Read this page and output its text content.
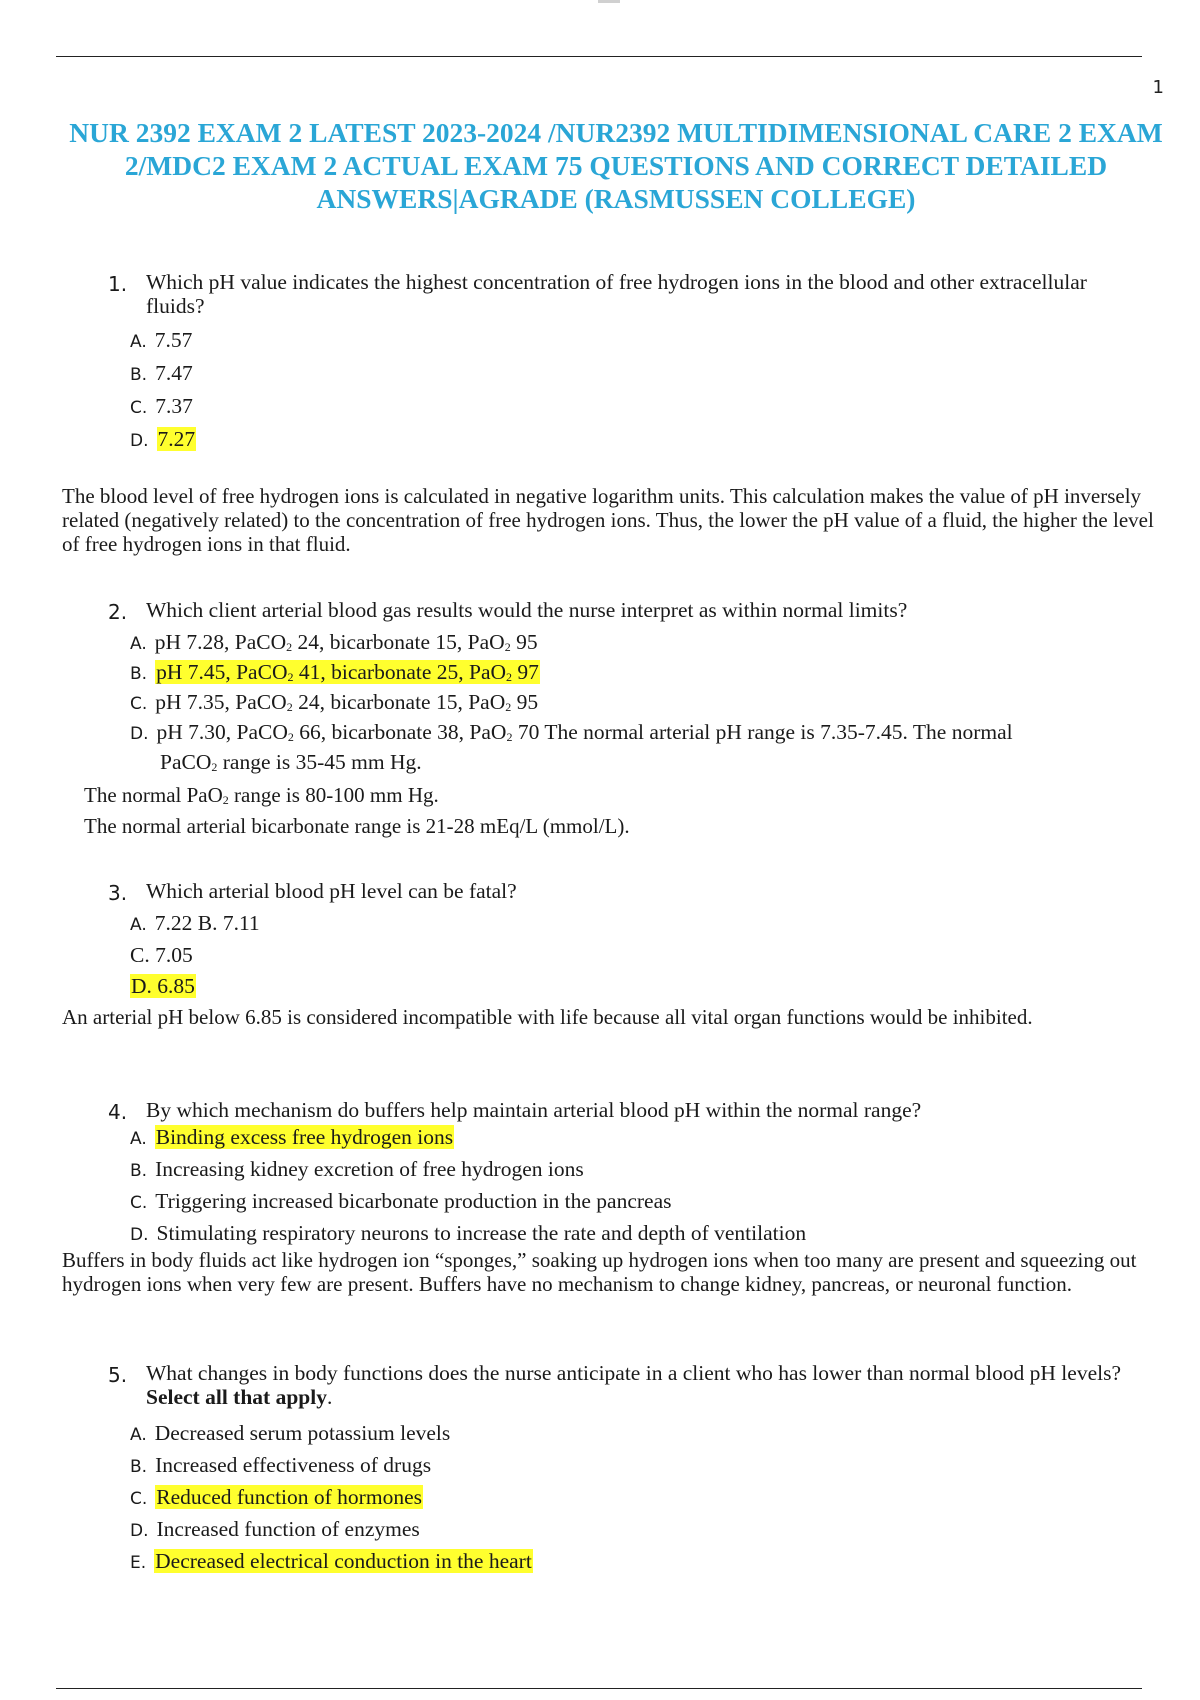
1
NUR 2392 EXAM 2 LATEST 2023-2024 /NUR2392 MULTIDIMENSIONAL CARE 2 EXAM
2/MDC2 EXAM 2 ACTUAL EXAM 75 QUESTIONS AND CORRECT DETAILED
ANSWERS|AGRADE (RASMUSSEN COLLEGE)
1. Which pH value indicates the highest concentration of free hydrogen ions in the blood and other extracellular fluids?
A. 7.57
B. 7.47
C. 7.37
D. 7.27
The blood level of free hydrogen ions is calculated in negative logarithm units. This calculation makes the value of pH inversely related (negatively related) to the concentration of free hydrogen ions. Thus, the lower the pH value of a fluid, the higher the level of free hydrogen ions in that fluid.
2. Which client arterial blood gas results would the nurse interpret as within normal limits?
A. pH 7.28, PaCO$_2$ 24, bicarbonate 15, PaO$_2$ 95
B. pH 7.45, PaCO$_2$ 41, bicarbonate 25, PaO$_2$ 97
C. pH 7.35, PaCO$_2$ 24, bicarbonate 15, PaO$_2$ 95
D. pH 7.30, PaCO$_2$ 66, bicarbonate 38, PaO$_2$ 70 The normal arterial pH range is 7.35-7.45. The normal
PaCO$_2$ range is 35-45 mm Hg.
The normal PaO$_2$ range is 80-100 mm Hg.
The normal arterial bicarbonate range is 21-28 mEq/L (mmol/L).
3. Which arterial blood pH level can be fatal?
A. 7.22 B. 7.11
C. 7.05
D. 6.85
An arterial pH below 6.85 is considered incompatible with life because all vital organ functions would be inhibited.
4. By which mechanism do buffers help maintain arterial blood pH within the normal range?
A. Binding excess free hydrogen ions
B. Increasing kidney excretion of free hydrogen ions
C. Triggering increased bicarbonate production in the pancreas
D. Stimulating respiratory neurons to increase the rate and depth of ventilation
Buffers in body fluids act like hydrogen ion “sponges,” soaking up hydrogen ions when too many are present and squeezing out hydrogen ions when very few are present. Buffers have no mechanism to change kidney, pancreas, or neuronal function.
5. What changes in body functions does the nurse anticipate in a client who has lower than normal blood pH levels? Select all that apply.
A. Decreased serum potassium levels
B. Increased effectiveness of drugs
C. Reduced function of hormones
D. Increased function of enzymes
E. Decreased electrical conduction in the heart
